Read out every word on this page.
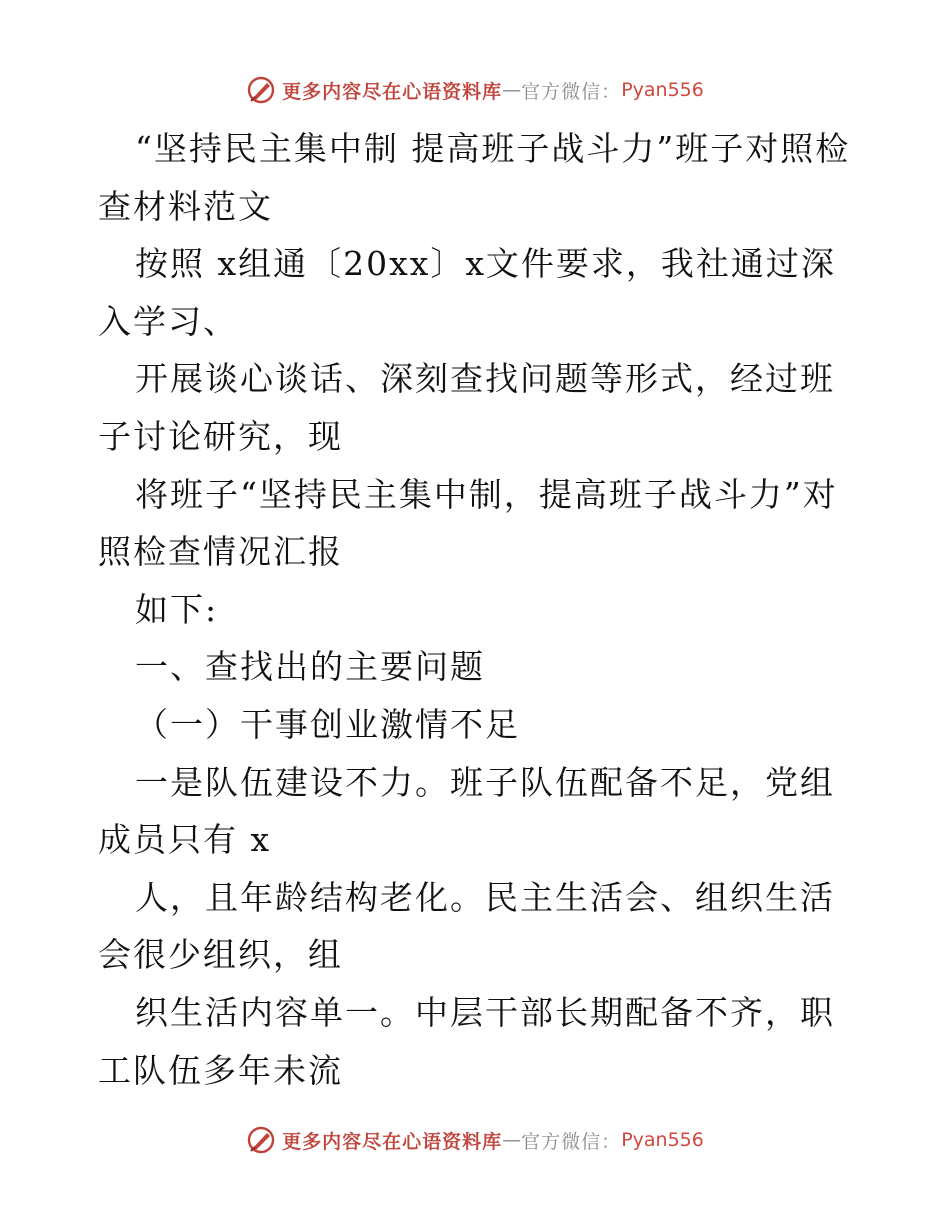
更多内容尽在心语资料库 — 官方微信： Pyan556

“坚持民主集中制 提高班子战斗力”班子对照检查材料范文

按照 x组通〔20xx〕x文件要求，我社通过深入学习、

开展谈心谈话、深刻查找问题等形式，经过班子讨论研究，现

将班子“坚持民主集中制，提高班子战斗力”对照检查情况汇报

如下:

一、查找出的主要问题

（一）干事创业激情不足

一是队伍建设不力。班子队伍配备不足，党组成员只有 x

人，且年龄结构老化。民主生活会、组织生活会很少组织，组

织生活内容单一。中层干部长期配备不齐，职工队伍多年未流

更多内容尽在心语资料库 — 官方微信： Pyan556
